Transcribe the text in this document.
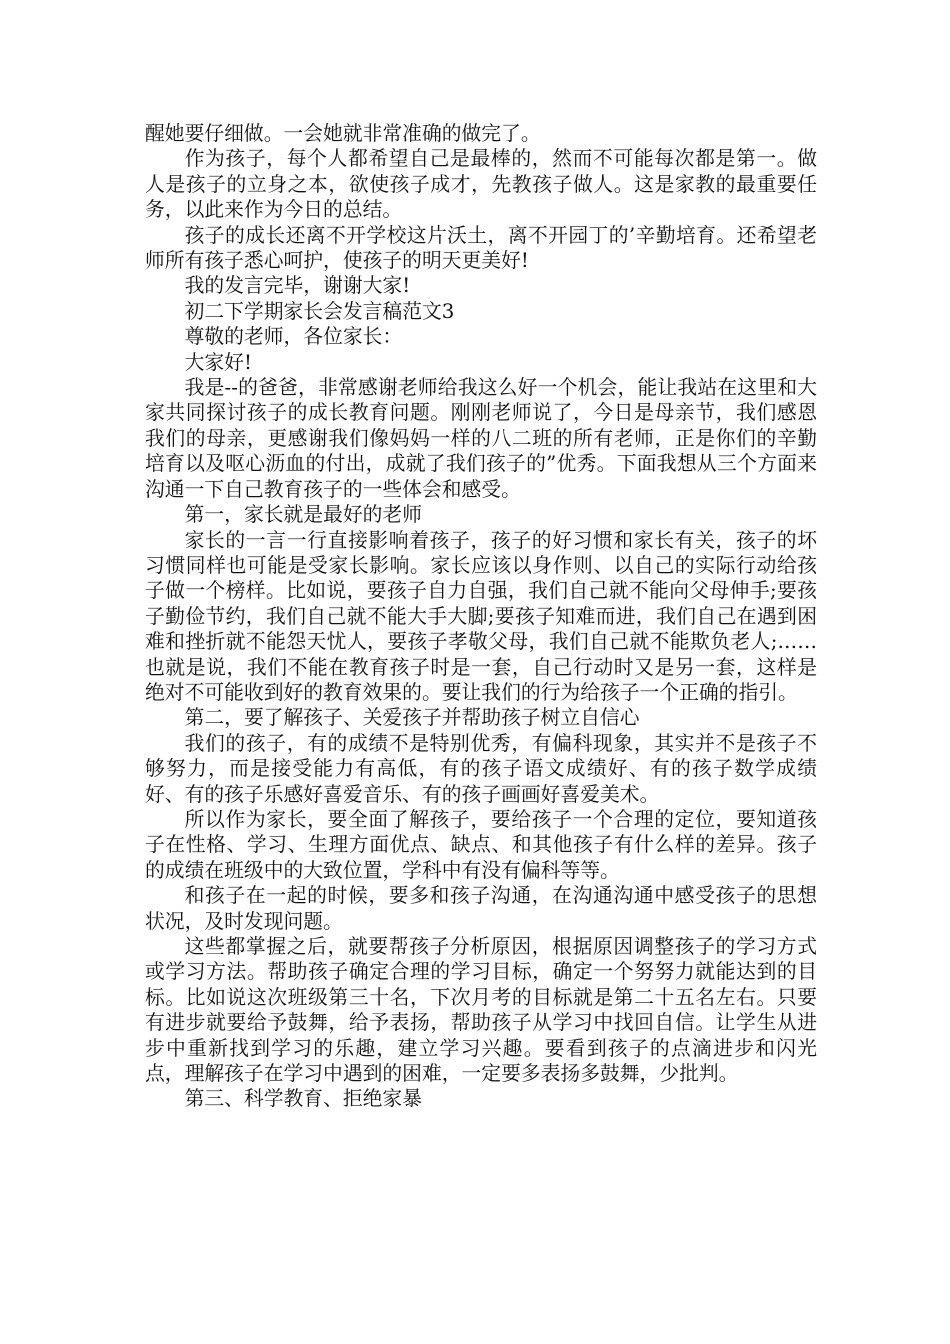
醒她要仔细做。一会她就非常准确的做完了。

作为孩子，每个人都希望自己是最棒的，然而不可能每次都是第一。做人是孩子的立身之本，欲使孩子成才，先教孩子做人。这是家教的最重要任务，以此来作为今日的总结。

孩子的成长还离不开学校这片沃土，离不开园丁的’辛勤培育。还希望老师所有孩子悉心呵护，使孩子的明天更美好!

我的发言完毕，谢谢大家!

初二下学期家长会发言稿范文3

尊敬的老师，各位家长：

大家好!

我是--的爸爸，非常感谢老师给我这么好一个机会，能让我站在这里和大家共同探讨孩子的成长教育问题。刚刚老师说了，今日是母亲节，我们感恩我们的母亲，更感谢我们像妈妈一样的八二班的所有老师，正是你们的辛勤培育以及呕心沥血的付出，成就了我们孩子的”优秀。下面我想从三个方面来沟通一下自己教育孩子的一些体会和感受。

第一，家长就是最好的老师

家长的一言一行直接影响着孩子，孩子的好习惯和家长有关，孩子的坏习惯同样也可能是受家长影响。家长应该以身作则、以自己的实际行动给孩子做一个榜样。比如说，要孩子自力自强，我们自己就不能向父母伸手;要孩子勤俭节约，我们自己就不能大手大脚;要孩子知难而进，我们自己在遇到困难和挫折就不能怨天忧人，要孩子孝敬父母，我们自己就不能欺负老人;……也就是说，我们不能在教育孩子时是一套，自己行动时又是另一套，这样是绝对不可能收到好的教育效果的。要让我们的行为给孩子一个正确的指引。

第二，要了解孩子、关爱孩子并帮助孩子树立自信心

我们的孩子，有的成绩不是特别优秀，有偏科现象，其实并不是孩子不够努力，而是接受能力有高低，有的孩子语文成绩好、有的孩子数学成绩好、有的孩子乐感好喜爱音乐、有的孩子画画好喜爱美术。

所以作为家长，要全面了解孩子，要给孩子一个合理的定位，要知道孩子在性格、学习、生理方面优点、缺点、和其他孩子有什么样的差异。孩子的成绩在班级中的大致位置，学科中有没有偏科等等。

和孩子在一起的时候，要多和孩子沟通，在沟通沟通中感受孩子的思想状况，及时发现问题。

这些都掌握之后，就要帮孩子分析原因，根据原因调整孩子的学习方式或学习方法。帮助孩子确定合理的学习目标，确定一个努努力就能达到的目标。比如说这次班级第三十名，下次月考的目标就是第二十五名左右。只要有进步就要给予鼓舞，给予表扬，帮助孩子从学习中找回自信。让学生从进步中重新找到学习的乐趣，建立学习兴趣。要看到孩子的点滴进步和闪光点，理解孩子在学习中遇到的困难，一定要多表扬多鼓舞，少批判。

第三、科学教育、拒绝家暴
